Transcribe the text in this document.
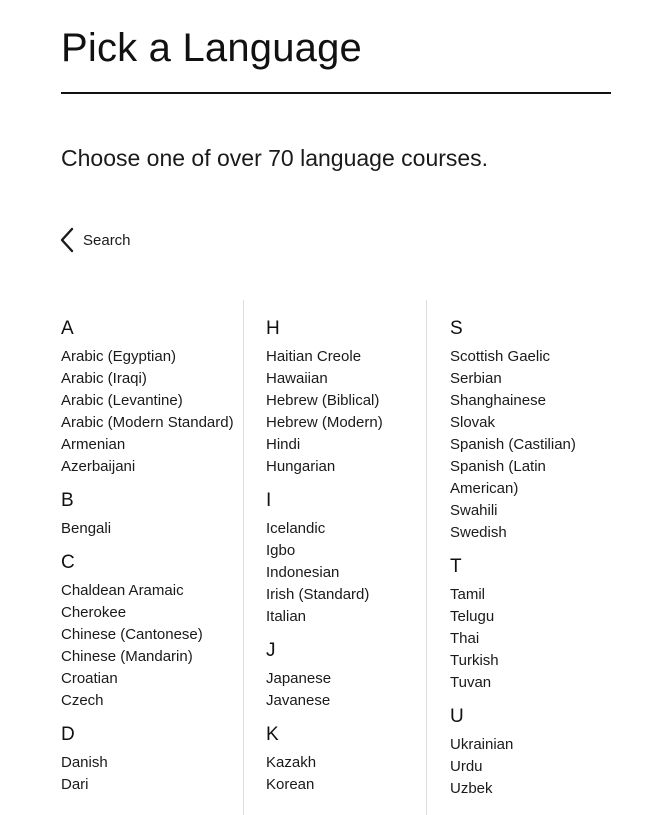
Pick a Language
Choose one of over 70 language courses.
Search
A
Arabic (Egyptian)
Arabic (Iraqi)
Arabic (Levantine)
Arabic (Modern Standard)
Armenian
Azerbaijani
B
Bengali
C
Chaldean Aramaic
Cherokee
Chinese (Cantonese)
Chinese (Mandarin)
Croatian
Czech
D
Danish
Dari
H
Haitian Creole
Hawaiian
Hebrew (Biblical)
Hebrew (Modern)
Hindi
Hungarian
I
Icelandic
Igbo
Indonesian
Irish (Standard)
Italian
J
Japanese
Javanese
K
Kazakh
Korean
S
Scottish Gaelic
Serbian
Shanghainese
Slovak
Spanish (Castilian)
Spanish (Latin American)
Swahili
Swedish
T
Tamil
Telugu
Thai
Turkish
Tuvan
U
Ukrainian
Urdu
Uzbek
